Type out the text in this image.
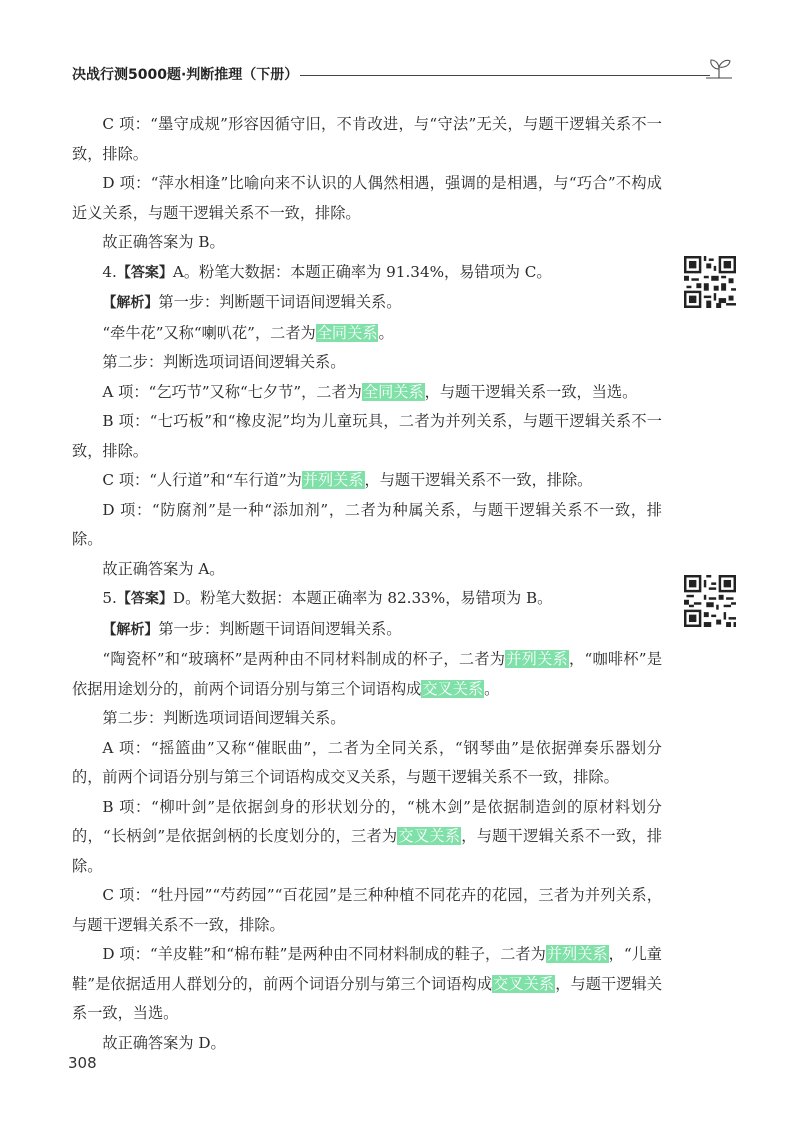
决战行测5000题·判断推理（下册）

C 项：“墨守成规”形容因循守旧，不肯改进，与“守法”无关，与题干逻辑关系不一致，排除。

D 项：“萍水相逢”比喻向来不认识的人偶然相遇，强调的是相遇，与“巧合”不构成近义关系，与题干逻辑关系不一致，排除。

故正确答案为 B。

4.【答案】A。粉笔大数据：本题正确率为 91.34%，易错项为 C。

【解析】第一步：判断题干词语间逻辑关系。

“牵牛花”又称“喇叭花”，二者为全同关系。

第二步：判断选项词语间逻辑关系。

A 项：“乞巧节”又称“七夕节”，二者为全同关系，与题干逻辑关系一致，当选。

B 项：“七巧板”和“橡皮泥”均为儿童玩具，二者为并列关系，与题干逻辑关系不一致，排除。

C 项：“人行道”和“车行道”为并列关系，与题干逻辑关系不一致，排除。

D 项：“防腐剂”是一种“添加剂”，二者为种属关系，与题干逻辑关系不一致，排除。

故正确答案为 A。

5.【答案】D。粉笔大数据：本题正确率为 82.33%，易错项为 B。

【解析】第一步：判断题干词语间逻辑关系。

“陶瓷杯”和“玻璃杯”是两种由不同材料制成的杯子，二者为并列关系，“咖啡杯”是依据用途划分的，前两个词语分别与第三个词语构成交叉关系。

第二步：判断选项词语间逻辑关系。

A 项：“摇篮曲”又称“催眠曲”，二者为全同关系，“钢琴曲”是依据弹奏乐器划分的，前两个词语分别与第三个词语构成交叉关系，与题干逻辑关系不一致，排除。

B 项：“柳叶剑”是依据剑身的形状划分的，“桃木剑”是依据制造剑的原材料划分的，“长柄剑”是依据剑柄的长度划分的，三者为交叉关系，与题干逻辑关系不一致，排除。

C 项：“牡丹园”“芍药园”“百花园”是三种种植不同花卉的花园，三者为并列关系，与题干逻辑关系不一致，排除。

D 项：“羊皮鞋”和“棉布鞋”是两种由不同材料制成的鞋子，二者为并列关系，“儿童鞋”是依据适用人群划分的，前两个词语分别与第三个词语构成交叉关系，与题干逻辑关系一致，当选。

故正确答案为 D。

308
